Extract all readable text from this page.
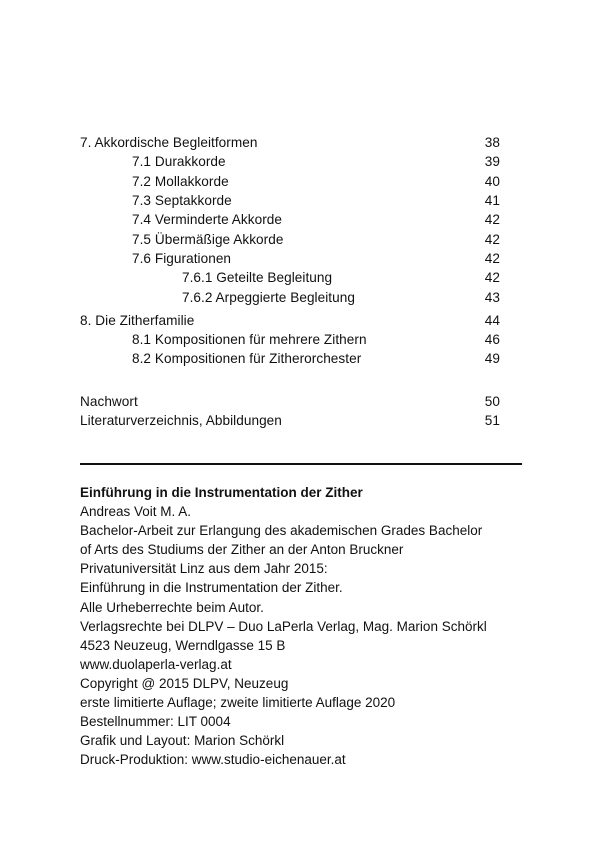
7. Akkordische Begleitformen	38
7.1 Durakkorde	39
7.2 Mollakkorde	40
7.3 Septakkorde	41
7.4 Verminderte Akkorde	42
7.5 Übermäßige Akkorde	42
7.6 Figurationen	42
7.6.1 Geteilte Begleitung	42
7.6.2 Arpeggierte Begleitung	43
8. Die Zitherfamilie	44
8.1 Kompositionen für mehrere Zithern	46
8.2 Kompositionen für Zitherorchester	49
Nachwort	50
Literaturverzeichnis, Abbildungen	51
Einführung in die Instrumentation der Zither
Andreas Voit M. A.
Bachelor-Arbeit zur Erlangung des akademischen Grades Bachelor
of Arts des Studiums der Zither an der Anton Bruckner
Privatuniversität Linz aus dem Jahr 2015:
Einführung in die Instrumentation der Zither.
Alle Urheberrechte beim Autor.
Verlagsrechte bei DLPV – Duo LaPerla Verlag, Mag. Marion Schörkl
4523 Neuzeug, Werndlgasse 15 B
www.duolaperla-verlag.at
Copyright @ 2015 DLPV, Neuzeug
erste limitierte Auflage; zweite limitierte Auflage 2020
Bestellnummer: LIT 0004
Grafik und Layout: Marion Schörkl
Druck-Produktion: www.studio-eichenauer.at
